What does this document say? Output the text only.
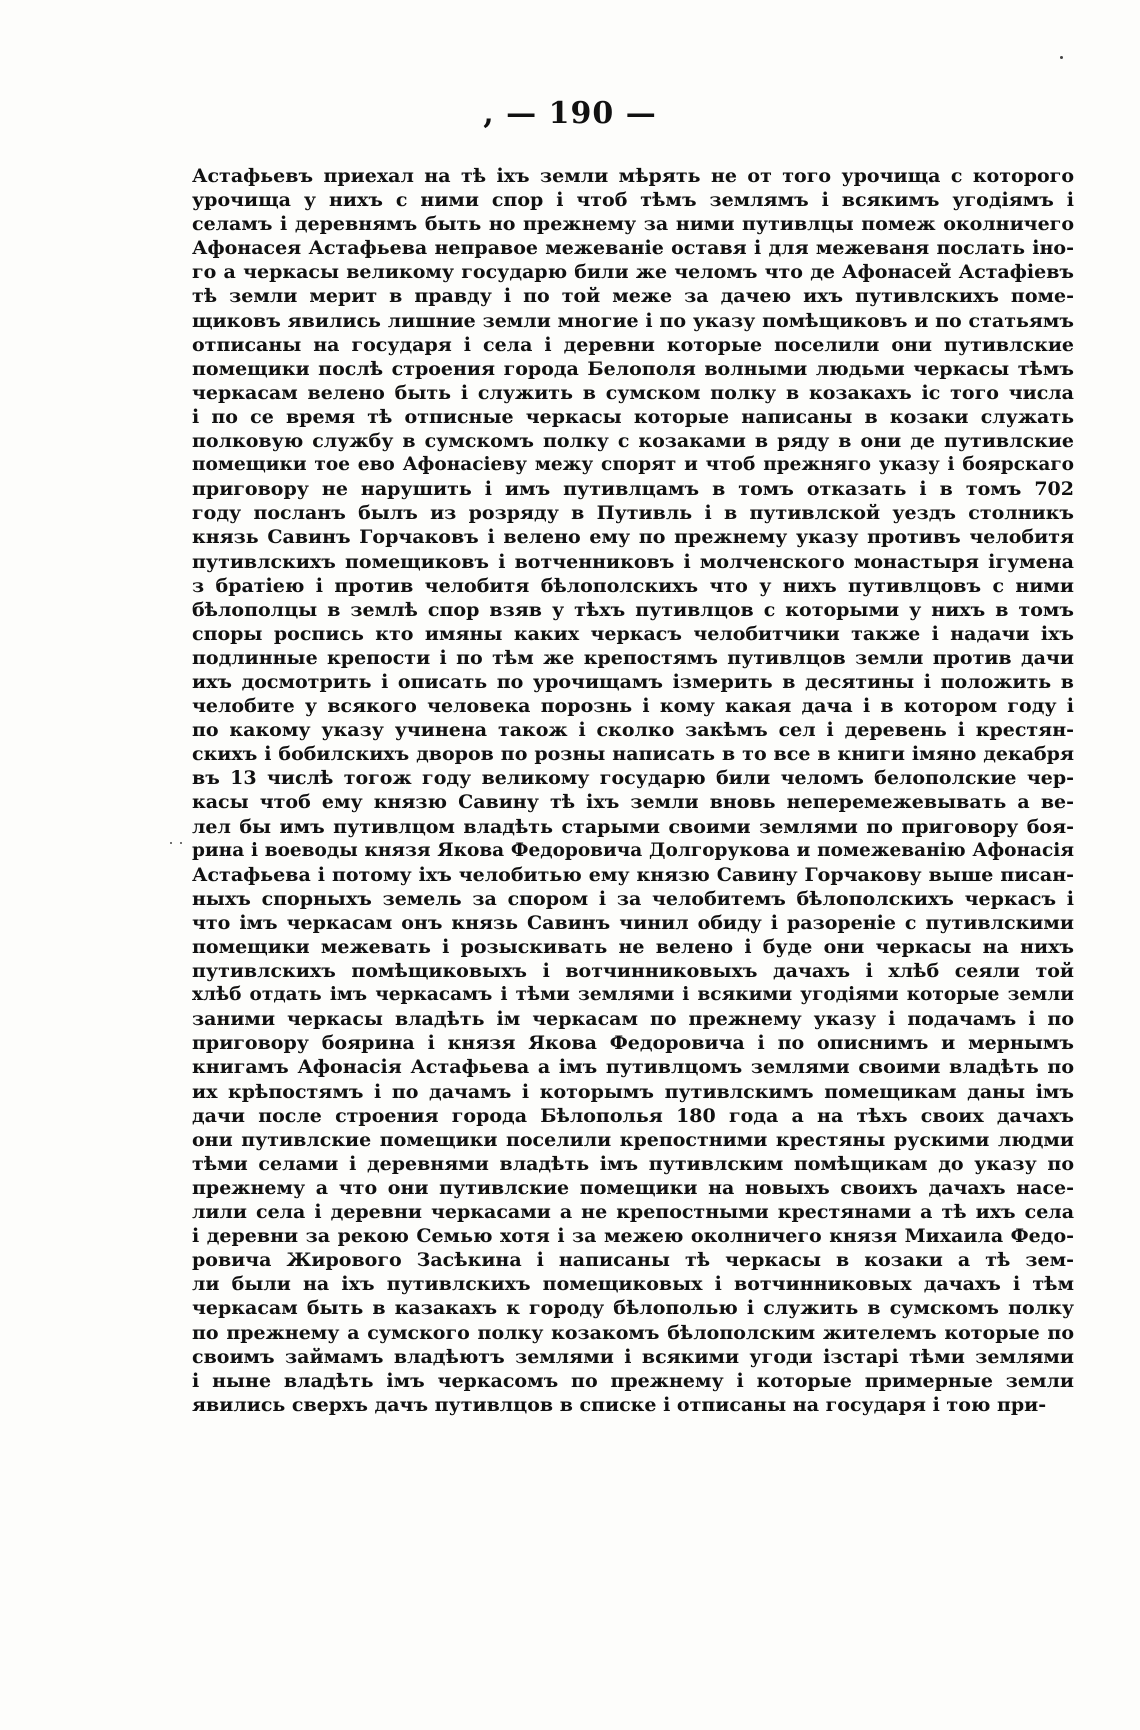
, — 190 —
Астафьевъ приехал на тѣ іхъ земли мѣрять не от того урочища с которого
урочища у нихъ с ними спор і чтоб тѣмъ землямъ і всякимъ угодіямъ і
селамъ і деревнямъ быть но прежнему за ними путивлцы помеж околничего
Афонасея Астафьева неправое межеваніе оставя і для межеваня послать іно-
го а черкасы великому государю били же челомъ что де Афонасей Астафіевъ
тѣ земли мерит в правду і по той меже за дачею ихъ путивлскихъ поме-
щиковъ явились лишние земли многие і по указу помѣщиковъ и по статьямъ
отписаны на государя і села і деревни которые поселили они путивлские
помещики послѣ строения города Белополя волными людьми черкасы тѣмъ
черкасам велено быть і служить в сумском полку в козакахъ іс того числа
і по се время тѣ отписные черкасы которые написаны в козаки служать
полковую службу в сумскомъ полку с козаками в ряду в они де путивлские
помещики тое ево Афонасіеву межу спорят и чтоб прежняго указу і боярскаго
приговору не нарушить і имъ путивлцамъ в томъ отказать і в томъ 702
году посланъ былъ из розряду в Путивль і в путивлской уездъ столникъ
князь Савинъ Горчаковъ і велено ему по прежнему указу противъ челобитя
путивлскихъ помещиковъ і вотченниковъ і молченского монастыря ігумена
з братіею і против челобитя бѣлополскихъ что у нихъ путивлцовъ с ними
бѣлополцы в землѣ спор взяв у тѣхъ путивлцов с которыми у нихъ в томъ
споры роспись кто имяны каких черкасъ челобитчики также і надачи іхъ
подлинные крепости і по тѣм же крепостямъ путивлцов земли против дачи
ихъ досмотрить і описать по урочищамъ ізмерить в десятины і положить в
челобите у всякого человека порознь і кому какая дача і в котором году і
по какому указу учинена також і сколко закѣмъ сел і деревень і крестян-
скихъ і бобилскихъ дворов по розны написать в то все в книги імяно декабря
въ 13 числѣ тогож году великому государю били челомъ белополские чер-
касы чтоб ему князю Савину тѣ іхъ земли вновь неперемежевывать а ве-
лел бы имъ путивлцом владѣть старыми своими землями по приговору боя-
рина і воеводы князя Якова Федоровича Долгорукова и помежеванію Афонасія
Астафьева і потому іхъ челобитью ему князю Савину Горчакову выше писан-
ныхъ спорныхъ земель за спором і за челобитемъ бѣлополскихъ черкасъ і
что імъ черкасам онъ князь Савинъ чинил обиду і разореніе с путивлскими
помещики межевать і розыскивать не велено і буде они черкасы на нихъ
путивлскихъ помѣщиковыхъ і вотчинниковыхъ дачахъ і хлѣб сеяли той
хлѣб отдать імъ черкасамъ і тѣми землями і всякими угодіями которые земли
заними черкасы владѣть ім черкасам по прежнему указу і подачамъ і по
приговору боярина і князя Якова Федоровича і по описнимъ и мернымъ
книгамъ Афонасія Астафьева а імъ путивлцомъ землями своими владѣть по
их крѣпостямъ і по дачамъ і которымъ путивлскимъ помещикам даны імъ
дачи после строения города Бѣлополья 180 года а на тѣхъ своих дачахъ
они путивлские помещики поселили крепостними крестяны рускими людми
тѣми селами і деревнями владѣть імъ путивлским помѣщикам до указу по
прежнему а что они путивлские помещики на новыхъ своихъ дачахъ насе-
лили села і деревни черкасами а не крепостными крестянами а тѣ ихъ села
і деревни за рекою Семью хотя і за межею околничего князя Михаила Федо-
ровича Жирового Засѣкина і написаны тѣ черкасы в козаки а тѣ зем-
ли были на іхъ путивлскихъ помещиковых і вотчинниковых дачахъ і тѣм
черкасам быть в казакахъ к городу бѣлополью і служить в сумскомъ полку
по прежнему а сумского полку козакомъ бѣлополским жителемъ которые по
своимъ займамъ владѣютъ землями і всякими угоди ізстарі тѣми землями
і ныне владѣть імъ черкасомъ по прежнему і которые примерные земли
явились сверхъ дачъ путивлцов в списке і отписаны на государя і тою при-
